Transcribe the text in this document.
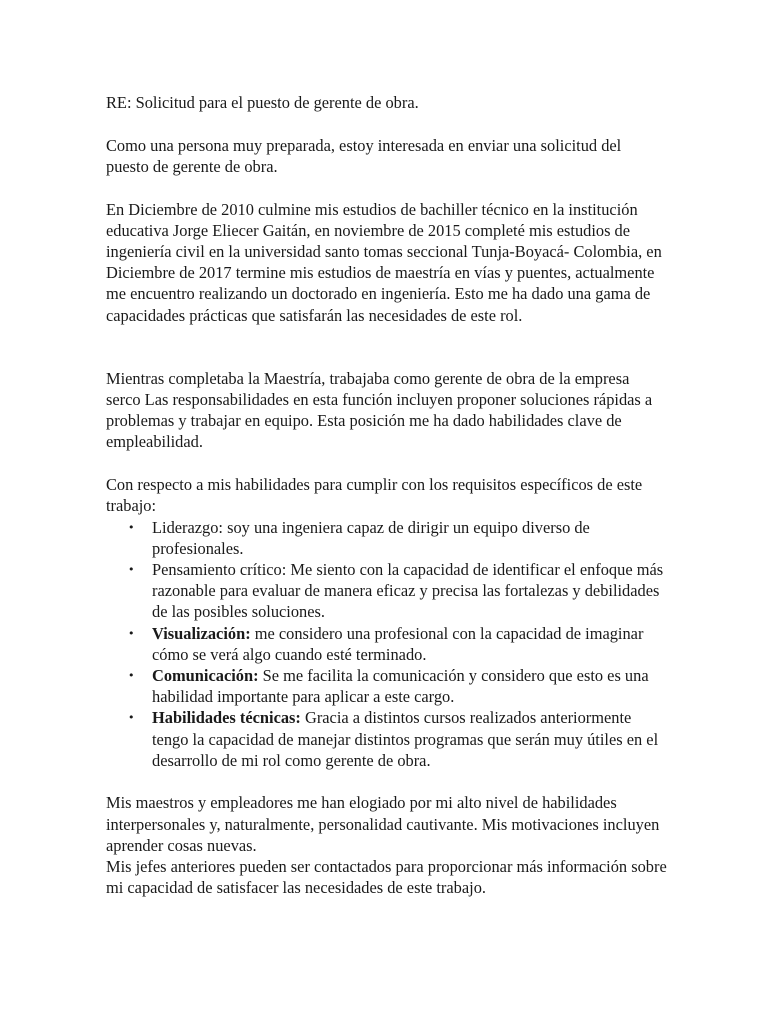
RE: Solicitud para el puesto de gerente de obra.

Como una persona muy preparada, estoy interesada en enviar una solicitud del puesto de gerente de obra.

En Diciembre de 2010 culmine mis estudios de bachiller técnico en la institución educativa Jorge Eliecer Gaitán, en noviembre de 2015 completé mis estudios de ingeniería civil en la universidad santo tomas seccional Tunja-Boyacá- Colombia, en Diciembre de 2017 termine mis estudios de maestría en vías y puentes, actualmente me encuentro realizando un doctorado en ingeniería. Esto me ha dado una gama de capacidades prácticas que satisfarán las necesidades de este rol.

Mientras completaba la Maestría, trabajaba como gerente de obra de la empresa serco Las responsabilidades en esta función incluyen proponer soluciones rápidas a problemas y trabajar en equipo. Esta posición me ha dado habilidades clave de empleabilidad.

Con respecto a mis habilidades para cumplir con los requisitos específicos de este trabajo:

• Liderazgo: soy una ingeniera capaz de dirigir un equipo diverso de profesionales.
• Pensamiento crítico: Me siento con la capacidad de identificar el enfoque más razonable para evaluar de manera eficaz y precisa las fortalezas y debilidades de las posibles soluciones.
• Visualización: me considero una profesional con la capacidad de imaginar cómo se verá algo cuando esté terminado.
• Comunicación: Se me facilita la comunicación y considero que esto es una habilidad importante para aplicar a este cargo.
• Habilidades técnicas: Gracia a distintos cursos realizados anteriormente tengo la capacidad de manejar distintos programas que serán muy útiles en el desarrollo de mi rol como gerente de obra.

Mis maestros y empleadores me han elogiado por mi alto nivel de habilidades interpersonales y, naturalmente, personalidad cautivante. Mis motivaciones incluyen aprender cosas nuevas.

Mis jefes anteriores pueden ser contactados para proporcionar más información sobre mi capacidad de satisfacer las necesidades de este trabajo.
